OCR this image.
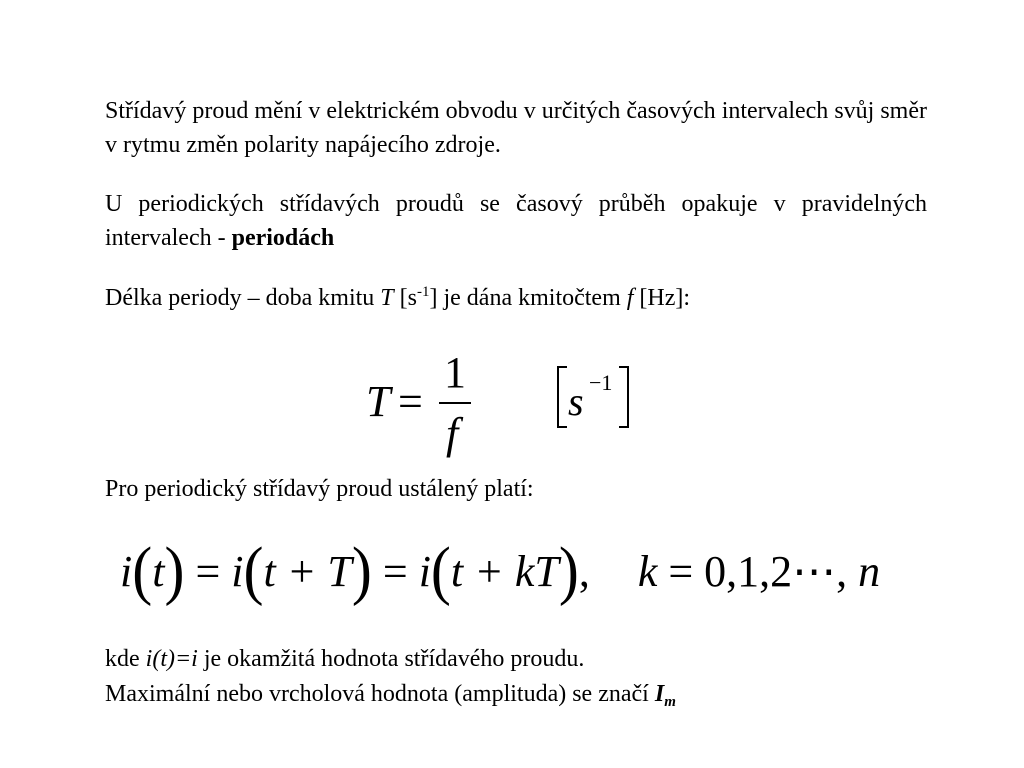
Střídavý proud mění v elektrickém obvodu v určitých časových intervalech svůj směr v rytmu změn polarity napájecího zdroje.
U periodických střídavých proudů se časový průběh opakuje v pravidelných intervalech - periodách
Délka periody – doba kmitu T $[s^{-1}]$ je dána kmitočtem f [Hz]:
T =
1
f
s −1
Pro periodický střídavý proud ustálený platí:
i(t) = i(t + T) = i(t + kT), k = 0,1,2⋯, n
kde i(t)=i je okamžitá hodnota střídavého proudu.
Maximální nebo vrcholová hodnota (amplituda) se značí $I_m$
